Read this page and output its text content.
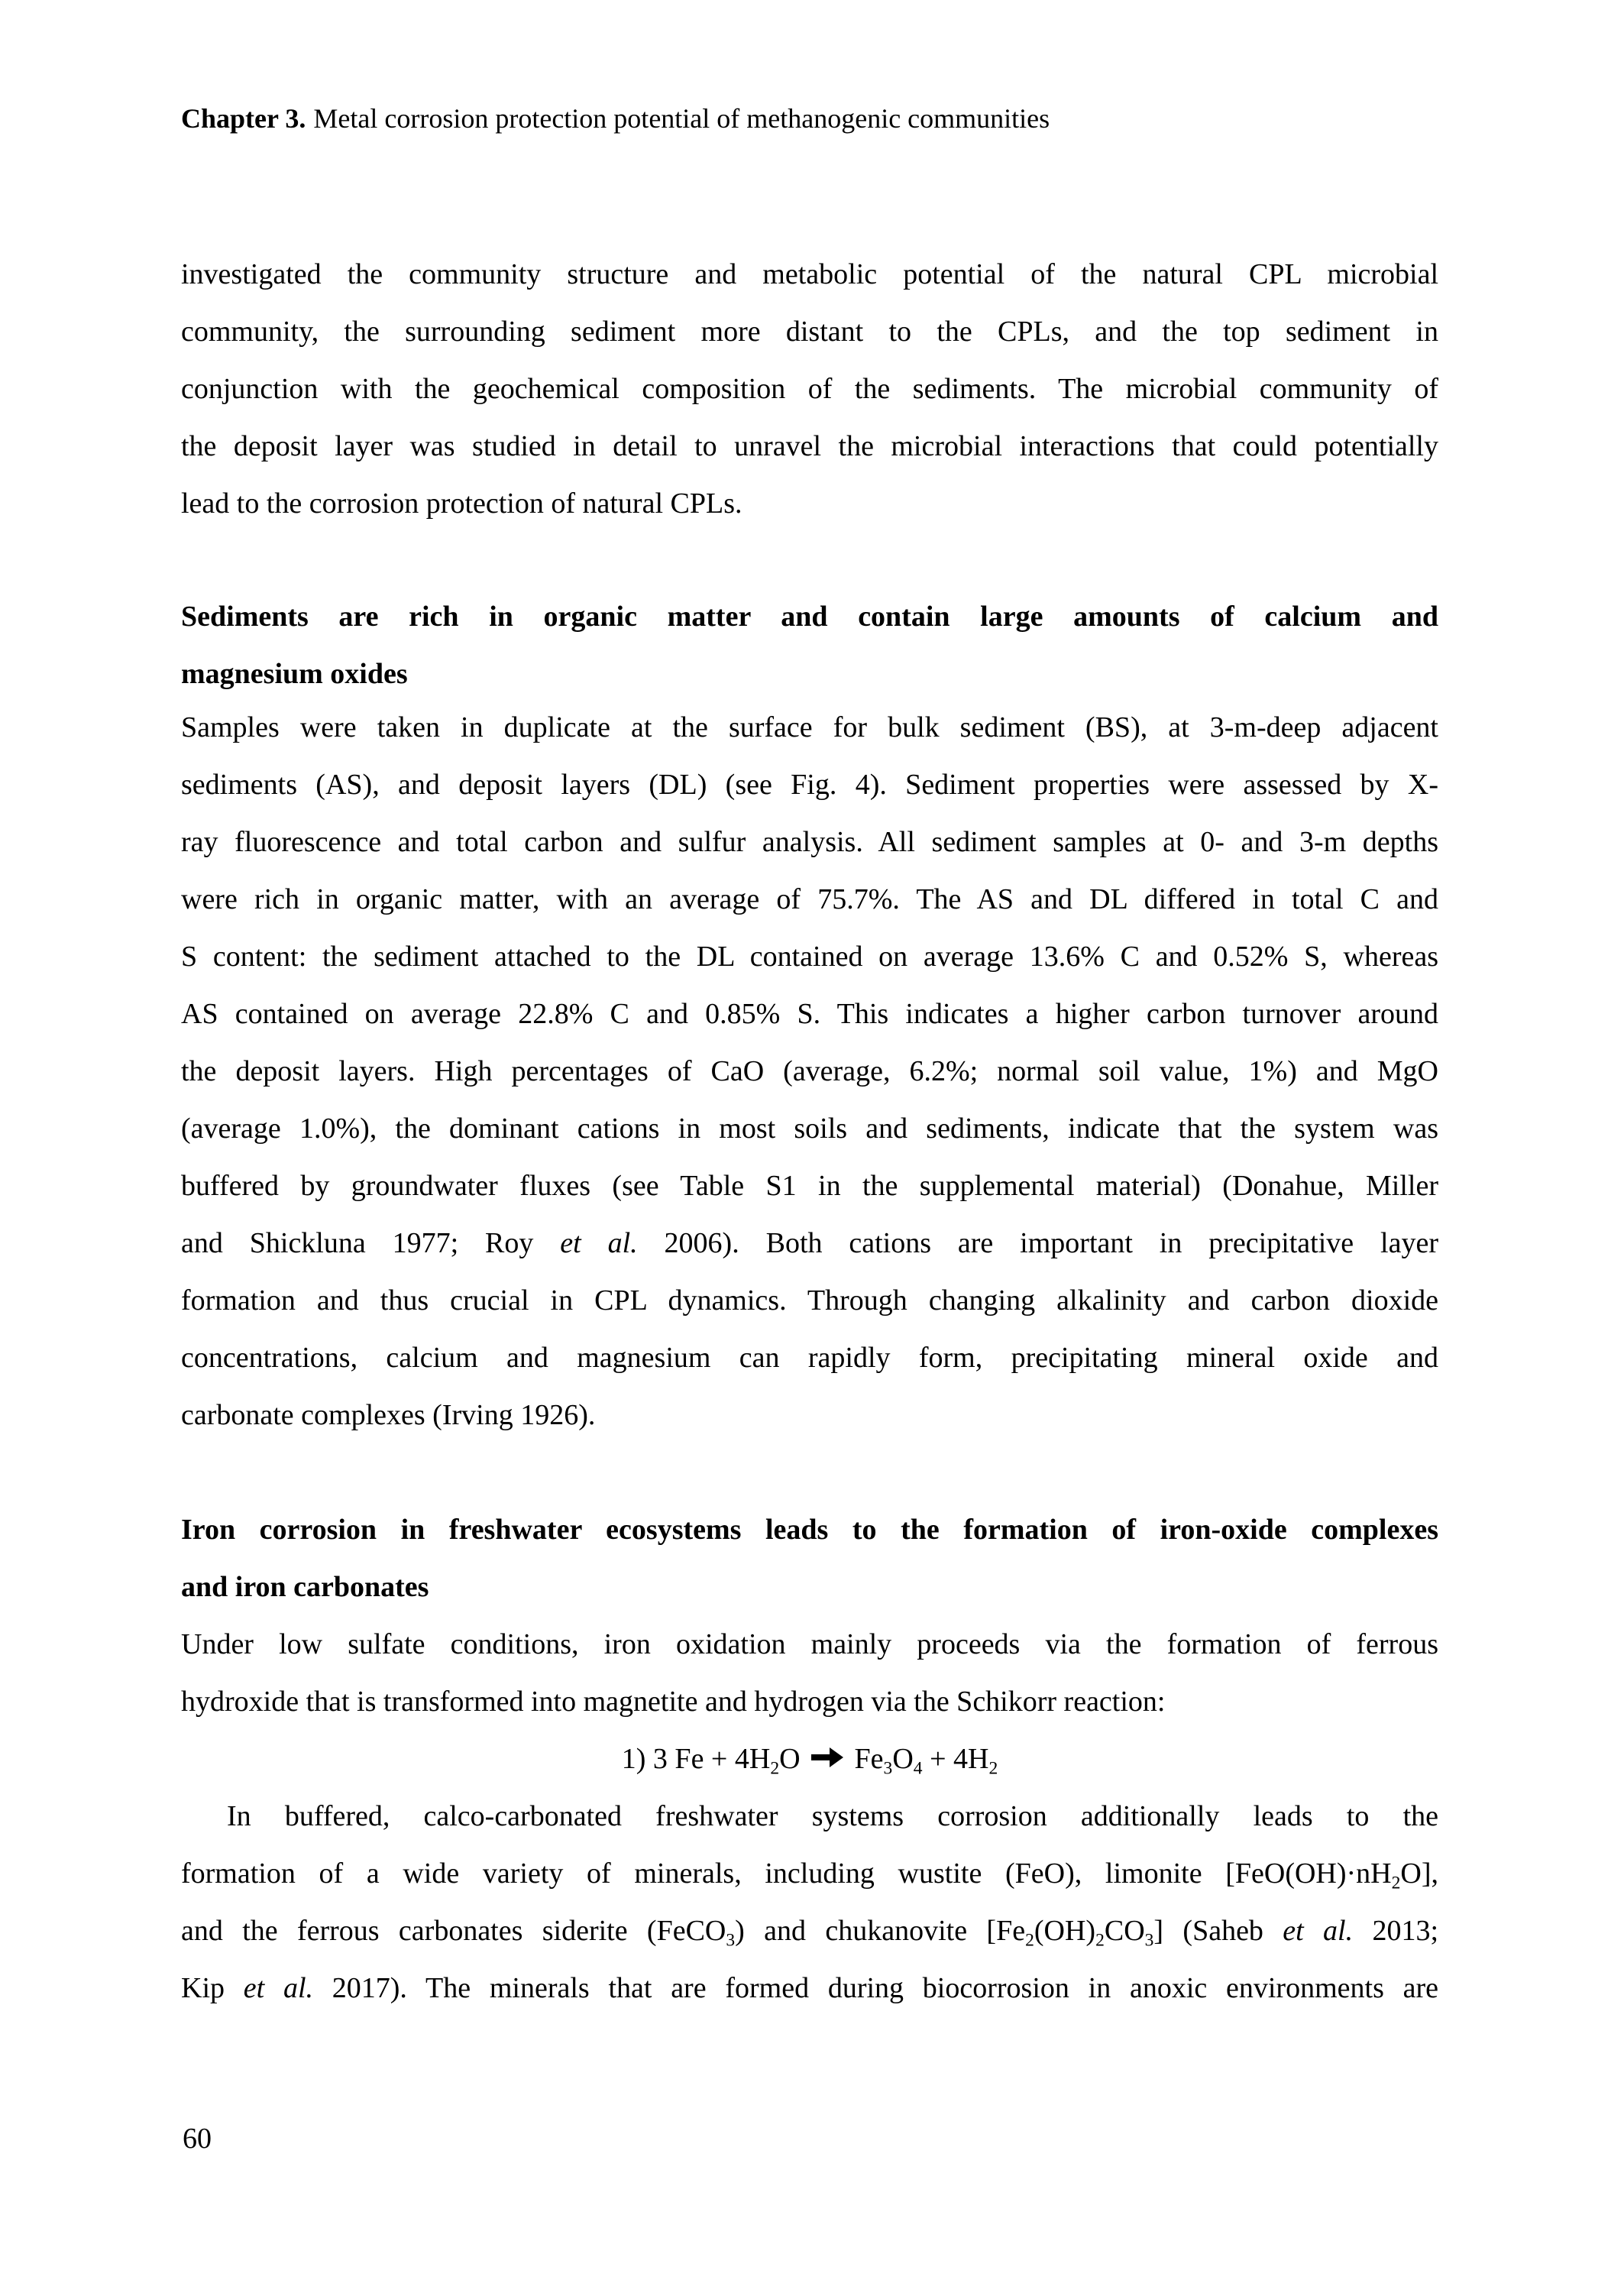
Chapter 3. Metal corrosion protection potential of methanogenic communities
investigated the community structure and metabolic potential of the natural CPL microbial
community, the surrounding sediment more distant to the CPLs, and the top sediment in
conjunction with the geochemical composition of the sediments. The microbial community of
the deposit layer was studied in detail to unravel the microbial interactions that could potentially
lead to the corrosion protection of natural CPLs.
Sediments are rich in organic matter and contain large amounts of calcium and
magnesium oxides
Samples were taken in duplicate at the surface for bulk sediment (BS), at 3-m-deep adjacent
sediments (AS), and deposit layers (DL) (see Fig. 4). Sediment properties were assessed by X-
ray fluorescence and total carbon and sulfur analysis. All sediment samples at 0- and 3-m depths
were rich in organic matter, with an average of 75.7%. The AS and DL differed in total C and
S content: the sediment attached to the DL contained on average 13.6% C and 0.52% S, whereas
AS contained on average 22.8% C and 0.85% S. This indicates a higher carbon turnover around
the deposit layers. High percentages of CaO (average, 6.2%; normal soil value, 1%) and MgO
(average 1.0%), the dominant cations in most soils and sediments, indicate that the system was
buffered by groundwater fluxes (see Table S1 in the supplemental material) (Donahue, Miller
and Shickluna 1977; Roy et al. 2006). Both cations are important in precipitative layer
formation and thus crucial in CPL dynamics. Through changing alkalinity and carbon dioxide
concentrations, calcium and magnesium can rapidly form, precipitating mineral oxide and
carbonate complexes (Irving 1926).
Iron corrosion in freshwater ecosystems leads to the formation of iron-oxide complexes
and iron carbonates
Under low sulfate conditions, iron oxidation mainly proceeds via the formation of ferrous
hydroxide that is transformed into magnetite and hydrogen via the Schikorr reaction:
1) 3 $Fe + 4H_2O$  $Fe_3O_4 + 4H_2$
In buffered, calco-carbonated freshwater systems corrosion additionally leads to the
formation of a wide variety of minerals, including wustite (FeO), limonite $[FeO(OH)\cdot nH_2O]$,
and the ferrous carbonates siderite (FeCO$_3$) and chukanovite $[Fe_2(OH)_2CO_3]$ (Saheb et al. 2013;
Kip et al. 2017). The minerals that are formed during biocorrosion in anoxic environments are
60
